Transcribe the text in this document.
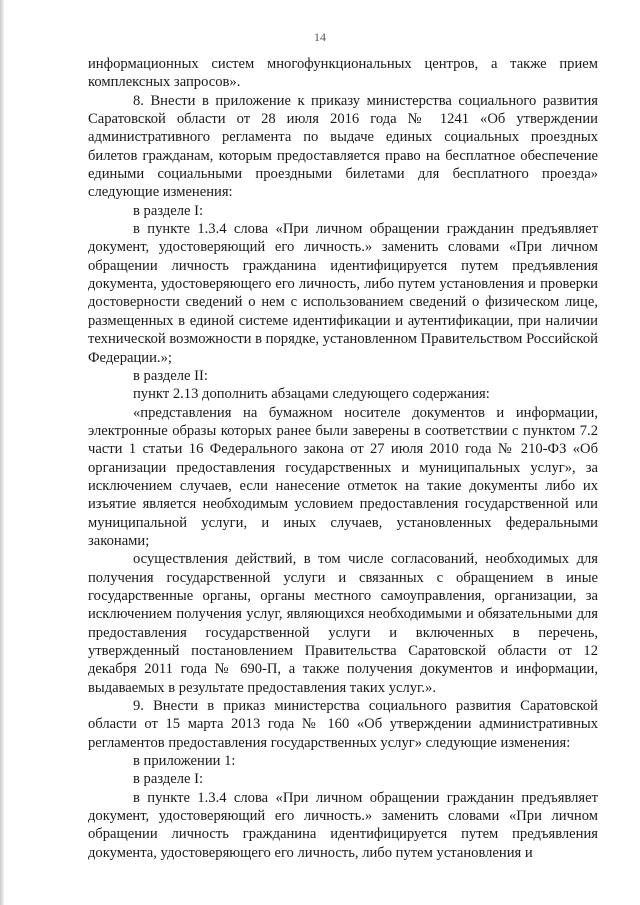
14

информационных систем многофункциональных центров, а также прием комплексных запросов».

8. Внести в приложение к приказу министерства социального развития Саратовской области от 28 июля 2016 года № 1241 «Об утверждении административного регламента по выдаче единых социальных проездных билетов гражданам, которым предоставляется право на бесплатное обеспечение едиными социальными проездными билетами для бесплатного проезда» следующие изменения:

в разделе I:

в пункте 1.3.4 слова «При личном обращении гражданин предъявляет документ, удостоверяющий его личность.» заменить словами «При личном обращении личность гражданина идентифицируется путем предъявления документа, удостоверяющего его личность, либо путем установления и проверки достоверности сведений о нем с использованием сведений о физическом лице, размещенных в единой системе идентификации и аутентификации, при наличии технической возможности в порядке, установленном Правительством Российской Федерации.»;

в разделе II:

пункт 2.13 дополнить абзацами следующего содержания:

«представления на бумажном носителе документов и информации, электронные образы которых ранее были заверены в соответствии с пунктом 7.2 части 1 статьи 16 Федерального закона от 27 июля 2010 года № 210-ФЗ «Об организации предоставления государственных и муниципальных услуг», за исключением случаев, если нанесение отметок на такие документы либо их изъятие является необходимым условием предоставления государственной или муниципальной услуги, и иных случаев, установленных федеральными законами;

осуществления действий, в том числе согласований, необходимых для получения государственной услуги и связанных с обращением в иные государственные органы, органы местного самоуправления, организации, за исключением получения услуг, являющихся необходимыми и обязательными для предоставления государственной услуги и включенных в перечень, утвержденный постановлением Правительства Саратовской области от 12 декабря 2011 года № 690-П, а также получения документов и информации, выдаваемых в результате предоставления таких услуг.».

9. Внести в приказ министерства социального развития Саратовской области от 15 марта 2013 года № 160 «Об утверждении административных регламентов предоставления государственных услуг» следующие изменения:

в приложении 1:

в разделе I:

в пункте 1.3.4 слова «При личном обращении гражданин предъявляет документ, удостоверяющий его личность.» заменить словами «При личном обращении личность гражданина идентифицируется путем предъявления документа, удостоверяющего его личность, либо путем установления и
